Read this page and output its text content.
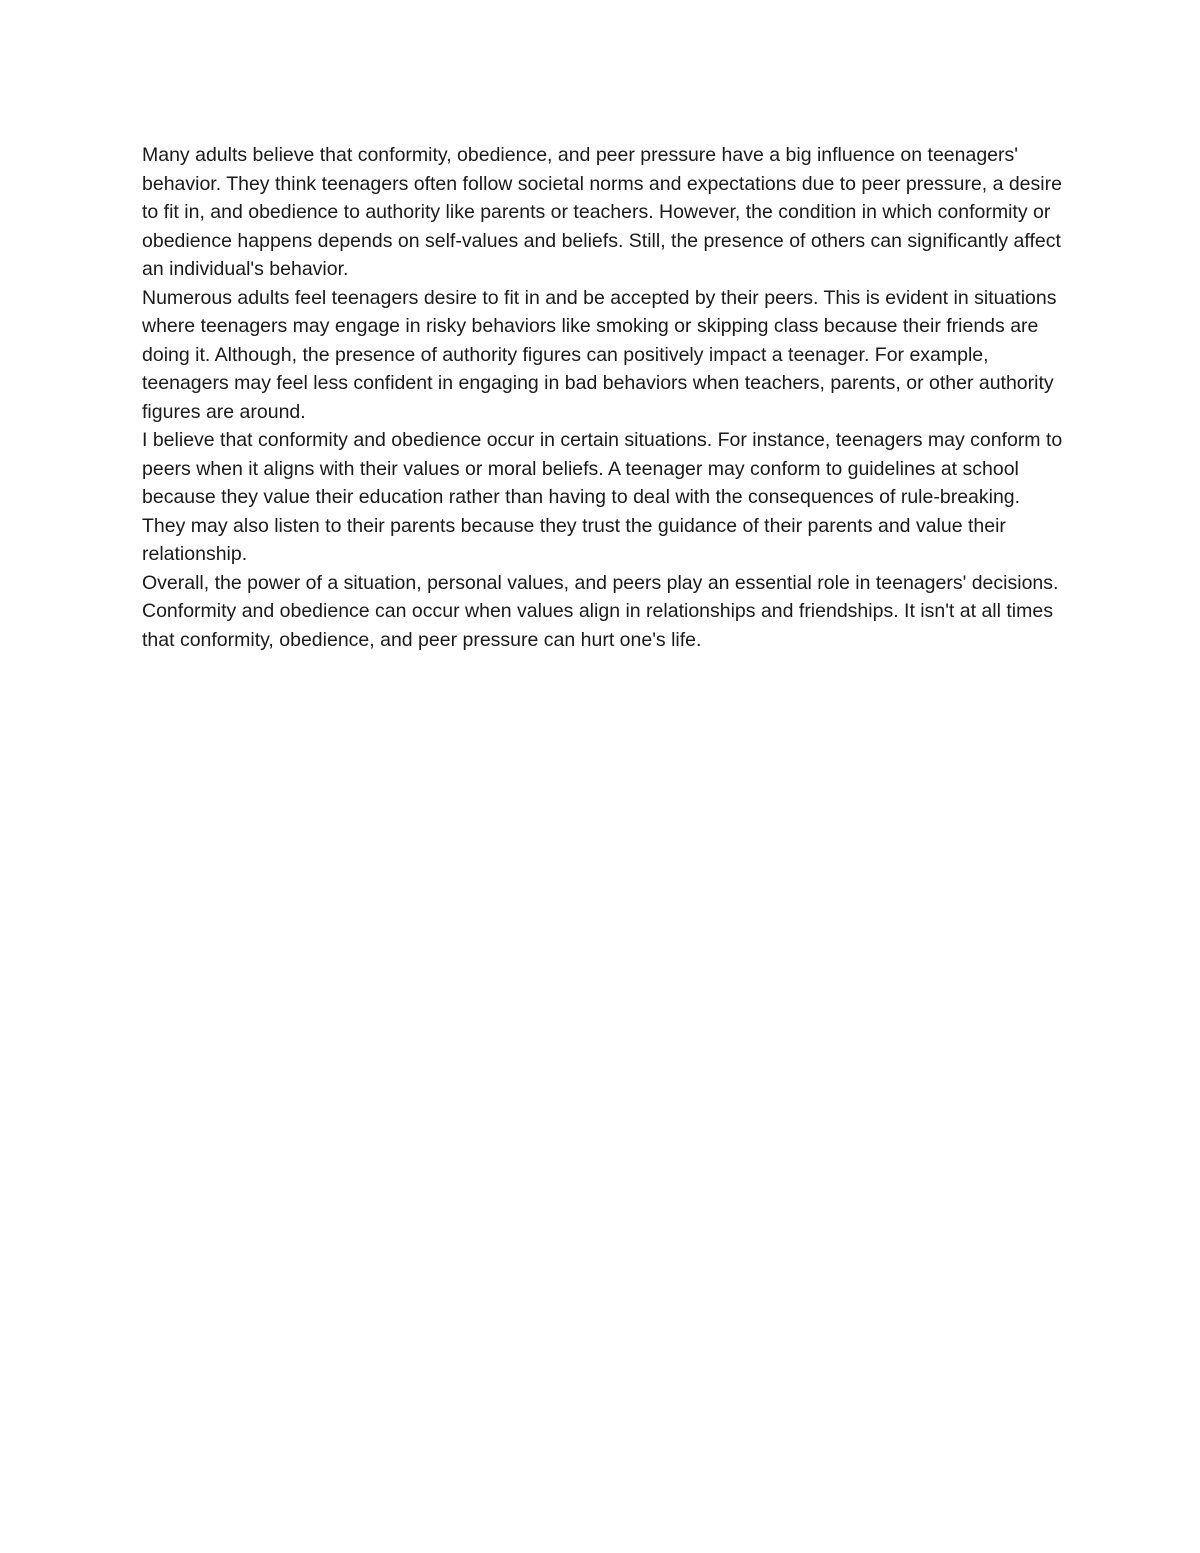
Many adults believe that conformity, obedience, and peer pressure have a big influence on teenagers' behavior. They think teenagers often follow societal norms and expectations due to peer pressure, a desire to fit in, and obedience to authority like parents or teachers. However, the condition in which conformity or obedience happens depends on self-values and beliefs. Still, the presence of others can significantly affect an individual's behavior.

Numerous adults feel teenagers desire to fit in and be accepted by their peers. This is evident in situations where teenagers may engage in risky behaviors like smoking or skipping class because their friends are doing it. Although, the presence of authority figures can positively impact a teenager. For example, teenagers may feel less confident in engaging in bad behaviors when teachers, parents, or other authority figures are around.

I believe that conformity and obedience occur in certain situations. For instance, teenagers may conform to peers when it aligns with their values or moral beliefs. A teenager may conform to guidelines at school because they value their education rather than having to deal with the consequences of rule-breaking. They may also listen to their parents because they trust the guidance of their parents and value their relationship.

Overall, the power of a situation, personal values, and peers play an essential role in teenagers' decisions. Conformity and obedience can occur when values align in relationships and friendships. It isn't at all times that conformity, obedience, and peer pressure can hurt one's life.
